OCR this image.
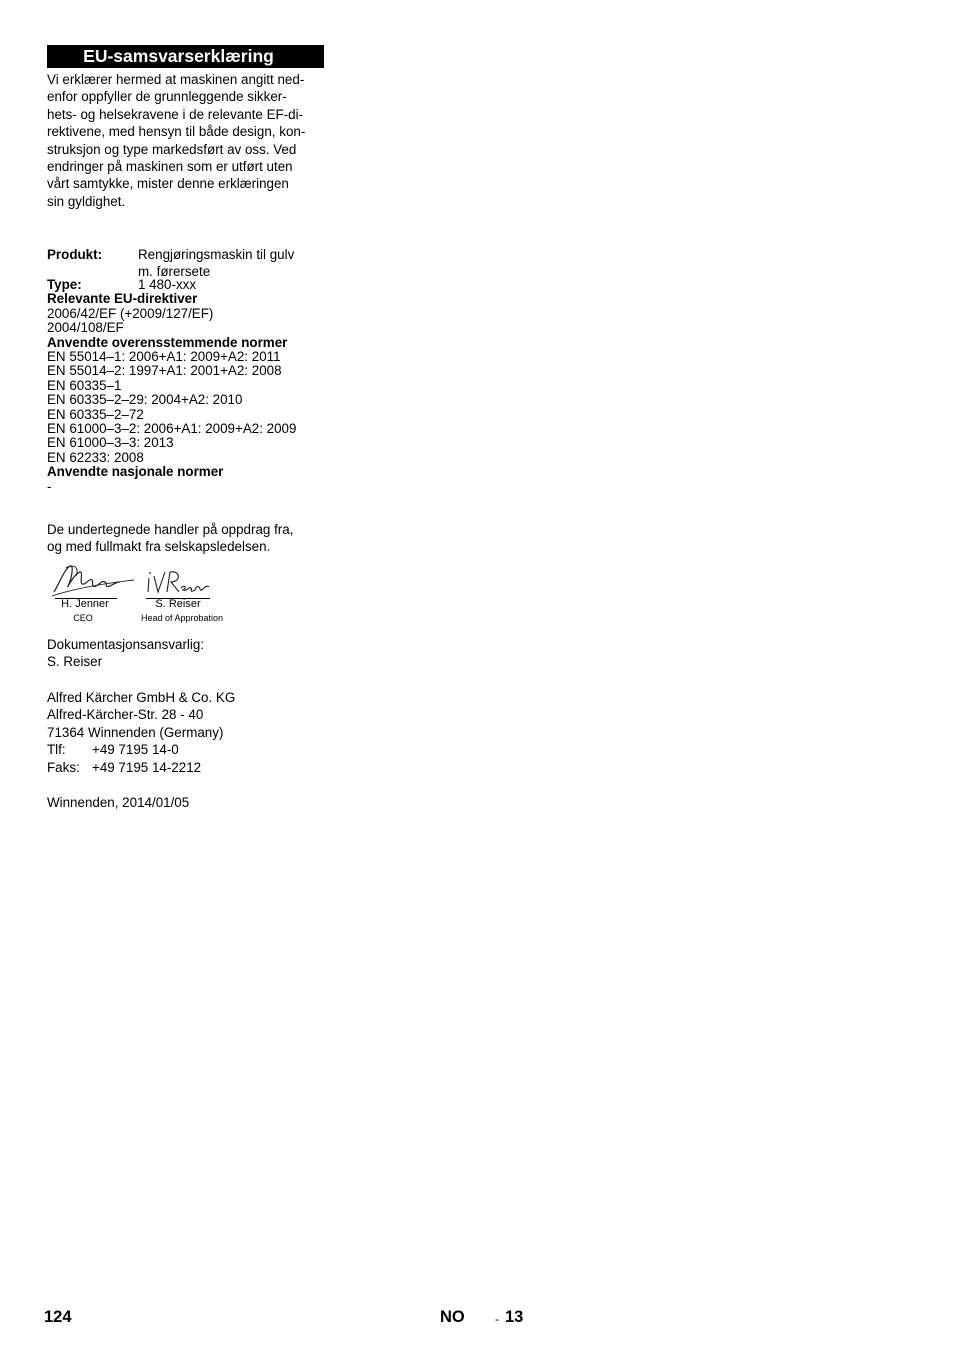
EU-samsvarserklæring
Vi erklærer hermed at maskinen angitt ned-
enfor oppfyller de grunnleggende sikker-
hets- og helsekravene i de relevante EF-di-
rektivene, med hensyn til både design, kon-
struksjon og type markedsført av oss. Ved
endringer på maskinen som er utført uten
vårt samtykke, mister denne erklæringen
sin gyldighet.
Produkt:	Rengjøringsmaskin til gulv
m. førersete
Type:	1 480-xxx
Relevante EU-direktiver
2006/42/EF (+2009/127/EF)
2004/108/EF
Anvendte overensstemmende normer
EN 55014–1: 2006+A1: 2009+A2: 2011
EN 55014–2: 1997+A1: 2001+A2: 2008
EN 60335–1
EN 60335–2–29: 2004+A2: 2010
EN 60335–2–72
EN 61000–3–2: 2006+A1: 2009+A2: 2009
EN 61000–3–3: 2013
EN 62233: 2008
Anvendte nasjonale normer
-
De undertegnede handler på oppdrag fra,
og med fullmakt fra selskapsledelsen.
H. Jenner
CEO
S. Reiser
Head of Approbation
Dokumentasjonsansvarlig:
S. Reiser
Alfred Kärcher GmbH & Co. KG
Alfred-Kärcher-Str. 28 - 40
71364 Winnenden (Germany)
Tlf:	+49 7195 14-0
Faks: +49 7195 14-2212
Winnenden, 2014/01/05
124	NO	- 13
